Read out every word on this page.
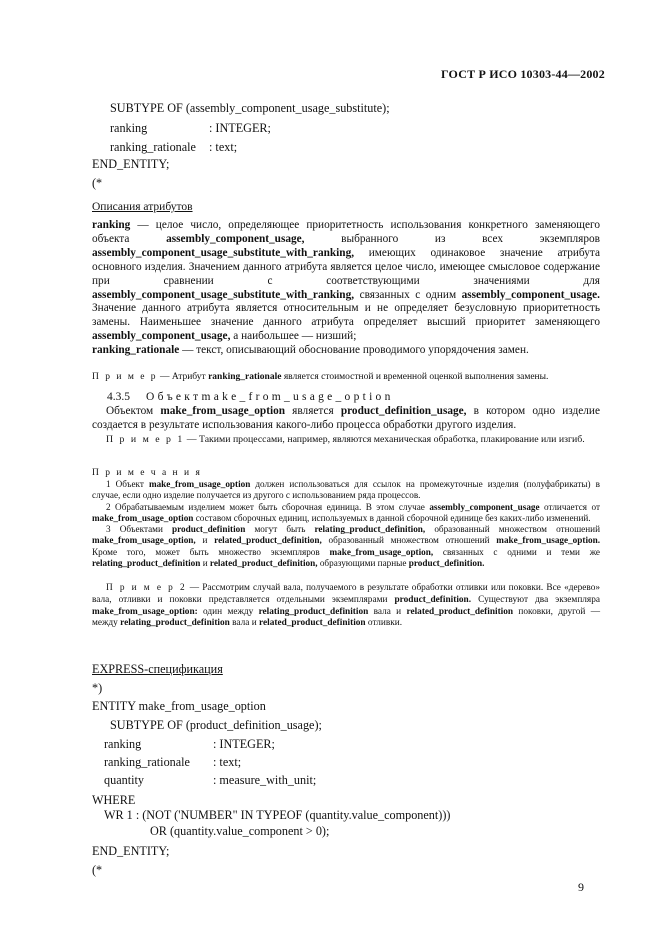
ГОСТ Р ИСО 10303-44—2002
SUBTYPE OF (assembly_component_usage_substitute);
ranking	: INTEGER;
ranking_rationale : text;
END_ENTITY;
(*
Описания атрибутов

ranking — целое число, определяющее приоритетность использования конкретного заменяющего объекта assembly_component_usage, выбранного из всех экземпляров assembly_component_usage_substitute_with_ranking, имеющих одинаковое значение атрибута основного изделия. Значением данного атрибута является целое число, имеющее смысловое содержание при сравнении с соответствующими значениями для assembly_component_usage_substitute_with_ranking, связанных с одним assembly_component_usage. Значение данного атрибута является относительным и не определяет безусловную приоритетность замены. Наименьшее значение данного атрибута определяет высший приоритет заменяющего assembly_component_usage, а наибольшее — низший;

ranking_rationale — текст, описывающий обоснование проводимого упорядочения замен.

П р и м е р — Атрибут ranking_rationale является стоимостной и временной оценкой выполнения замены.

4.3.5 О б ъ е к т m a k e _ f r o m _ u s a g e _ o p t i o n

Объектом make_from_usage_option является product_definition_usage, в котором одно изделие создается в результате использования какого-либо процесса обработки другого изделия.

П р и м е р 1 — Такими процессами, например, являются механическая обработка, плакирование или изгиб.

П р и м е ч а н и я

1 Объект make_from_usage_option должен использоваться для ссылок на промежуточные изделия (полуфабрикаты) в случае, если одно изделие получается из другого с использованием ряда процессов.

2 Обрабатываемым изделием может быть сборочная единица. В этом случае assembly_component_usage отличается от make_from_usage_option составом сборочных единиц, используемых в данной сборочной единице без каких-либо изменений.

3 Объектами product_definition могут быть relating_product_definition, образованный множеством отношений make_from_usage_option, и related_product_definition, образованный множеством отношений make_from_usage_option. Кроме того, может быть множество экземпляров make_from_usage_option, связанных с одними и теми же relating_product_definition и related_product_definition, образующими парные product_definition.

П р и м е р 2 — Рассмотрим случай вала, получаемого в результате обработки отливки или поковки. Все «дерево» вала, отливки и поковки представляется отдельными экземплярами product_definition. Существуют два экземпляра make_from_usage_option: один между relating_product_definition вала и related_product_definition поковки, другой — между relating_product_definition вала и related_product_definition отливки.

EXPRESS-спецификация
*)
ENTITY make_from_usage_option
SUBTYPE OF (product_definition_usage);
ranking	: INTEGER;
ranking_rationale : text;
quantity	: measure_with_unit;
WHERE
WR 1 : (NOT ('NUMBER" IN TYPEOF (quantity.value_component)))
OR (quantity.value_component > 0);
END_ENTITY;
(*
9
